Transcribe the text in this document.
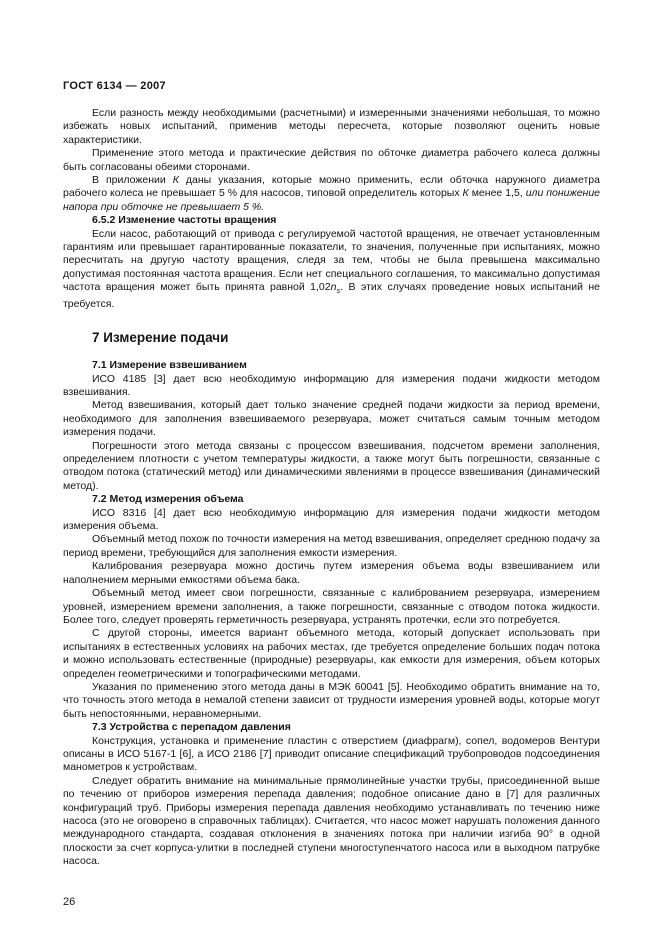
ГОСТ 6134 — 2007
Если разность между необходимыми (расчетными) и измеренными значениями небольшая, то можно избежать новых испытаний, применив методы пересчета, которые позволяют оценить новые характеристики.
Применение этого метода и практические действия по обточке диаметра рабочего колеса должны быть согласованы обеими сторонами.
В приложении К даны указания, которые можно применить, если обточка наружного диаметра рабочего колеса не превышает 5 % для насосов, типовой определитель которых К менее 1,5, или понижение напора при обточке не превышает 5 %.
6.5.2 Изменение частоты вращения
Если насос, работающий от привода с регулируемой частотой вращения, не отвечает установленным гарантиям или превышает гарантированные показатели, то значения, полученные при испытаниях, можно пересчитать на другую частоту вращения, следя за тем, чтобы не была превышена максимально допустимая постоянная частота вращения. Если нет специального соглашения, то максимально допустимая частота вращения может быть принята равной $1,02n_s$. В этих случаях проведение новых испытаний не требуется.
7 Измерение подачи
7.1 Измерение взвешиванием
ИСО 4185 [3] дает всю необходимую информацию для измерения подачи жидкости методом взвешивания.
Метод взвешивания, который дает только значение средней подачи жидкости за период времени, необходимого для заполнения взвешиваемого резервуара, может считаться самым точным методом измерения подачи.
Погрешности этого метода связаны с процессом взвешивания, подсчетом времени заполнения, определением плотности с учетом температуры жидкости, а также могут быть погрешности, связанные с отводом потока (статический метод) или динамическими явлениями в процессе взвешивания (динамический метод).
7.2 Метод измерения объема
ИСО 8316 [4] дает всю необходимую информацию для измерения подачи жидкости методом измерения объема.
Объемный метод похож по точности измерения на метод взвешивания, определяет среднюю подачу за период времени, требующийся для заполнения емкости измерения.
Калибрования резервуара можно достичь путем измерения объема воды взвешиванием или наполнением мерными емкостями объема бака.
Объемный метод имеет свои погрешности, связанные с калиброванием резервуара, измерением уровней, измерением времени заполнения, а также погрешности, связанные с отводом потока жидкости. Более того, следует проверять герметичность резервуара, устранять протечки, если это потребуется.
С другой стороны, имеется вариант объемного метода, который допускает использовать при испытаниях в естественных условиях на рабочих местах, где требуется определение больших подач потока и можно использовать естественные (природные) резервуары, как емкости для измерения, объем которых определен геометрическими и топографическими методами.
Указания по применению этого метода даны в МЭК 60041 [5]. Необходимо обратить внимание на то, что точность этого метода в немалой степени зависит от трудности измерения уровней воды, которые могут быть непостоянными, неравномерными.
7.3 Устройства с перепадом давления
Конструкция, установка и применение пластин с отверстием (диафрагм), сопел, водомеров Вентури описаны в ИСО 5167-1 [6], а ИСО 2186 [7] приводит описание спецификаций трубопроводов подсоединения манометров к устройствам.
Следует обратить внимание на минимальные прямолинейные участки трубы, присоединенной выше по течению от приборов измерения перепада давления; подобное описание дано в [7] для различных конфигураций труб. Приборы измерения перепада давления необходимо устанавливать по течению ниже насоса (это не оговорено в справочных таблицах). Считается, что насос может нарушать положения данного международного стандарта, создавая отклонения в значениях потока при наличии изгиба 90° в одной плоскости за счет корпуса-улитки в последней ступени многоступенчатого насоса или в выходном патрубке насоса.
26
